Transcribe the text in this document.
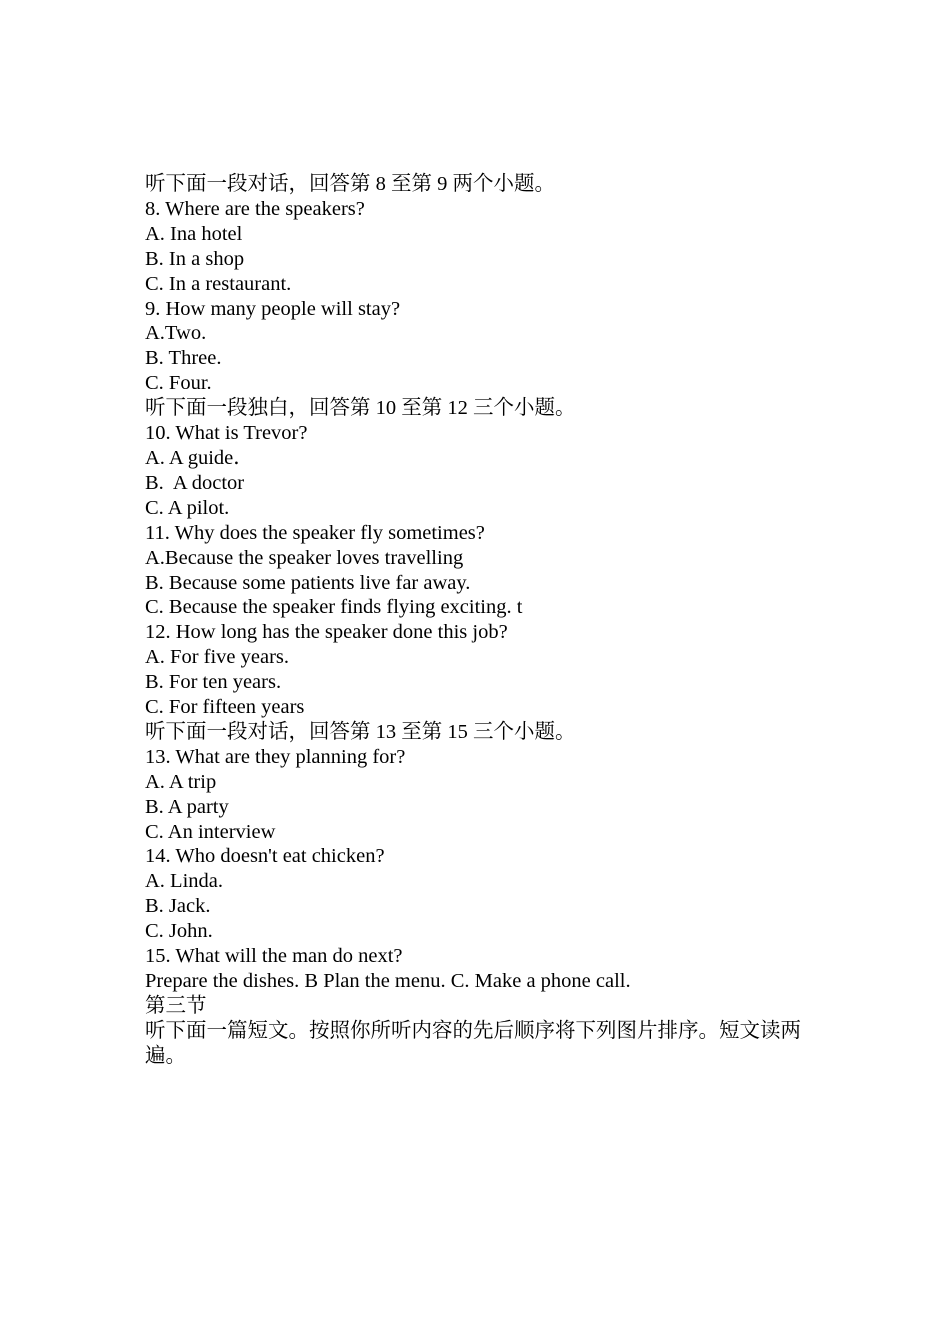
听下面一段对话，回答第 8 至第 9 两个小题。

8. Where are the speakers?

A. Ina hotel

B. In a shop

C. In a restaurant.

9. How many people will stay?

A.Two.

B. Three.

C. Four.

听下面一段独白，回答第 10 至第 12 三个小题。

10. What is Trevor?

A. A guide．

B.  A doctor

C. A pilot.

11. Why does the speaker fly sometimes?

A.Because the speaker loves travelling

B. Because some patients live far away.

C. Because the speaker finds flying exciting. t

12. How long has the speaker done this job?

A. For five years.

B. For ten years.

C. For fifteen years

听下面一段对话，回答第 13 至第 15 三个小题。

13. What are they planning for?

A. A trip

B. A party

C. An interview

14. Who doesn't eat chicken?

A. Linda.

B. Jack.

C. John.

15. What will the man do next?

Prepare the dishes. B Plan the menu. C. Make a phone call.

第三节

听下面一篇短文。按照你所听内容的先后顺序将下列图片排序。短文读两遍。
